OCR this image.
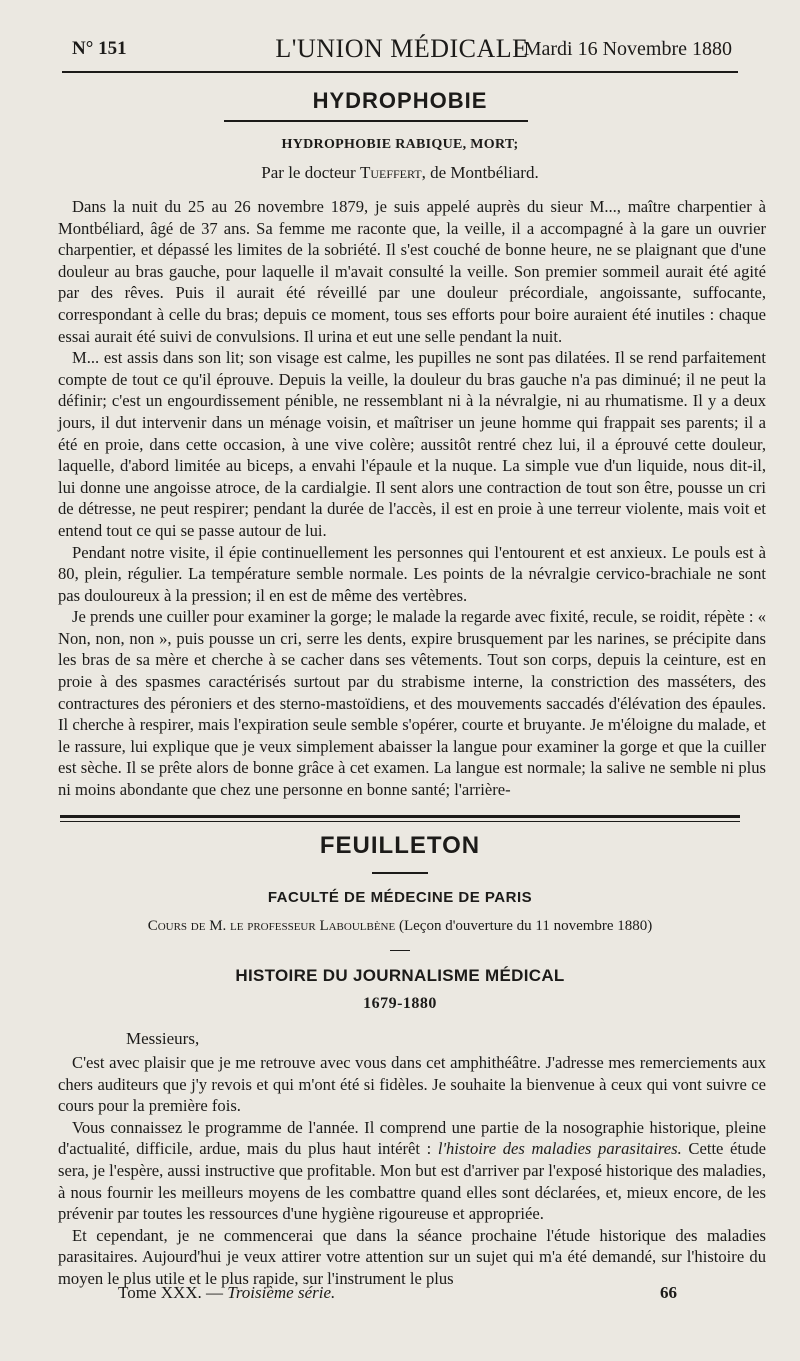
N° 151	L'UNION MÉDICALE
Mardi 16 Novembre 1880
HYDROPHOBIE
HYDROPHOBIE RABIQUE, MORT;
Par le docteur Tueffert, de Montbéliard.

Dans la nuit du 25 au 26 novembre 1879, je suis appelé auprès du sieur M..., maître charpentier à Montbéliard, âgé de 37 ans. Sa femme me raconte que, la veille, il a accompagné à la gare un ouvrier charpentier, et dépassé les limites de la sobriété. Il s'est couché de bonne heure, ne se plaignant que d'une douleur au bras gauche, pour laquelle il m'avait consulté la veille. Son premier sommeil aurait été agité par des rêves. Puis il aurait été réveillé par une douleur précordiale, angoissante, suffocante, correspondant à celle du bras; depuis ce moment, tous ses efforts pour boire auraient été inutiles : chaque essai aurait été suivi de convulsions. Il urina et eut une selle pendant la nuit.

M... est assis dans son lit; son visage est calme, les pupilles ne sont pas dilatées. Il se rend parfaitement compte de tout ce qu'il éprouve. Depuis la veille, la douleur du bras gauche n'a pas diminué; il ne peut la définir; c'est un engourdissement pénible, ne ressemblant ni à la névralgie, ni au rhumatisme. Il y a deux jours, il dut intervenir dans un ménage voisin, et maîtriser un jeune homme qui frappait ses parents; il a été en proie, dans cette occasion, à une vive colère; aussitôt rentré chez lui, il a éprouvé cette douleur, laquelle, d'abord limitée au biceps, a envahi l'épaule et la nuque. La simple vue d'un liquide, nous dit-il, lui donne une angoisse atroce, de la cardialgie. Il sent alors une contraction de tout son être, pousse un cri de détresse, ne peut respirer; pendant la durée de l'accès, il est en proie à une terreur violente, mais voit et entend tout ce qui se passe autour de lui.

Pendant notre visite, il épie continuellement les personnes qui l'entourent et est anxieux. Le pouls est à 80, plein, régulier. La température semble normale. Les points de la névralgie cervico-brachiale ne sont pas douloureux à la pression; il en est de même des vertèbres.

Je prends une cuiller pour examiner la gorge; le malade la regarde avec fixité, recule, se roidit, répète : « Non, non, non », puis pousse un cri, serre les dents, expire brusquement par les narines, se précipite dans les bras de sa mère et cherche à se cacher dans ses vêtements. Tout son corps, depuis la ceinture, est en proie à des spasmes caractérisés surtout par du strabisme interne, la constriction des masséters, des contractures des péroniers et des sterno-mastoïdiens, et des mouvements saccadés d'élévation des épaules. Il cherche à respirer, mais l'expiration seule semble s'opérer, courte et bruyante. Je m'éloigne du malade, et le rassure, lui explique que je veux simplement abaisser la langue pour examiner la gorge et que la cuiller est sèche. Il se prête alors de bonne grâce à cet examen. La langue est normale; la salive ne semble ni plus ni moins abondante que chez une personne en bonne santé; l'arrière-

FEUILLETON
FACULTÉ DE MÉDECINE DE PARIS
Cours de M. le professeur Laboulbène (Leçon d'ouverture du 11 novembre 1880)
HISTOIRE DU JOURNALISME MÉDICAL
1679-1880
Messieurs,

C'est avec plaisir que je me retrouve avec vous dans cet amphithéâtre. J'adresse mes remerciements aux chers auditeurs que j'y revois et qui m'ont été si fidèles. Je souhaite la bienvenue à ceux qui vont suivre ce cours pour la première fois.

Vous connaissez le programme de l'année. Il comprend une partie de la nosographie historique, pleine d'actualité, difficile, ardue, mais du plus haut intérêt : l'histoire des maladies parasitaires. Cette étude sera, je l'espère, aussi instructive que profitable. Mon but est d'arriver par l'exposé historique des maladies, à nous fournir les meilleurs moyens de les combattre quand elles sont déclarées, et, mieux encore, de les prévenir par toutes les ressources d'une hygiène rigoureuse et appropriée.

Et cependant, je ne commencerai que dans la séance prochaine l'étude historique des maladies parasitaires. Aujourd'hui je veux attirer votre attention sur un sujet qui m'a été demandé, sur l'histoire du moyen le plus utile et le plus rapide, sur l'instrument le plus

Tome XXX. — Troisième série.	66
